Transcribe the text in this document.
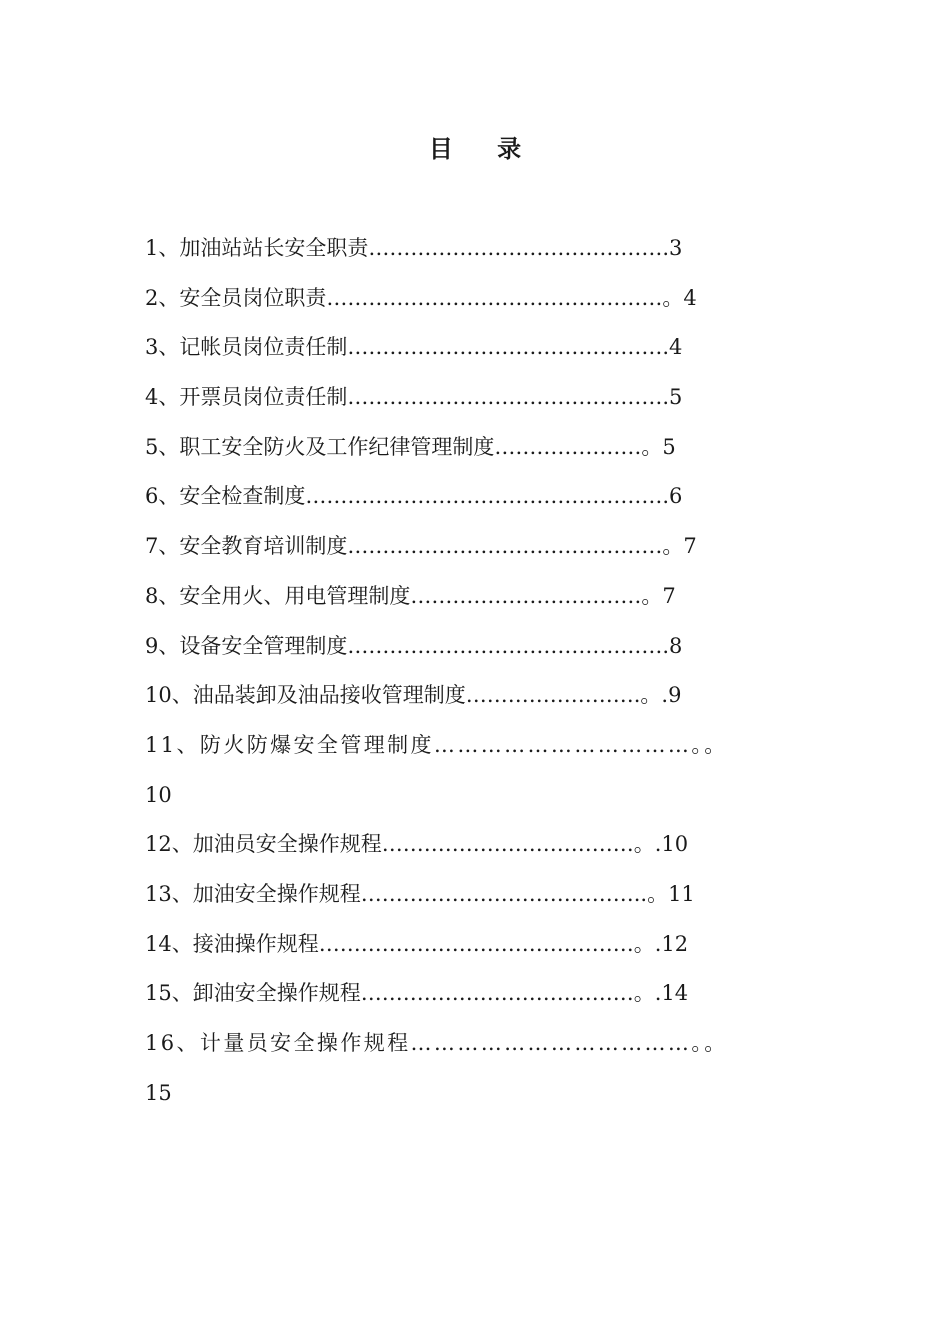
目 录
1、加油站站长安全职责…………………………………….3
2、安全员岗位职责…………………………………………。4
3、记帐员岗位责任制……………………………………….4
4、开票员岗位责任制……………………………………….5
5、职工安全防火及工作纪律管理制度…………………。5
6、安全检查制度…………………………………………….6
7、安全教育培训制度………………………………………。7
8、安全用火、用电管理制度……………………………。7
9、设备安全管理制度……………………………………….8
10、油品装卸及油品接收管理制度…………………….。.9
11、防火防爆安全管理制度……………………………。。
10
12、加油员安全操作规程………………………………。.10
13、加油安全操作规程…………………………………..。11
14、接油操作规程………………………………………。.12
15、卸油安全操作规程…………………………………。.14
16、计量员安全操作规程………………………………。。
15
